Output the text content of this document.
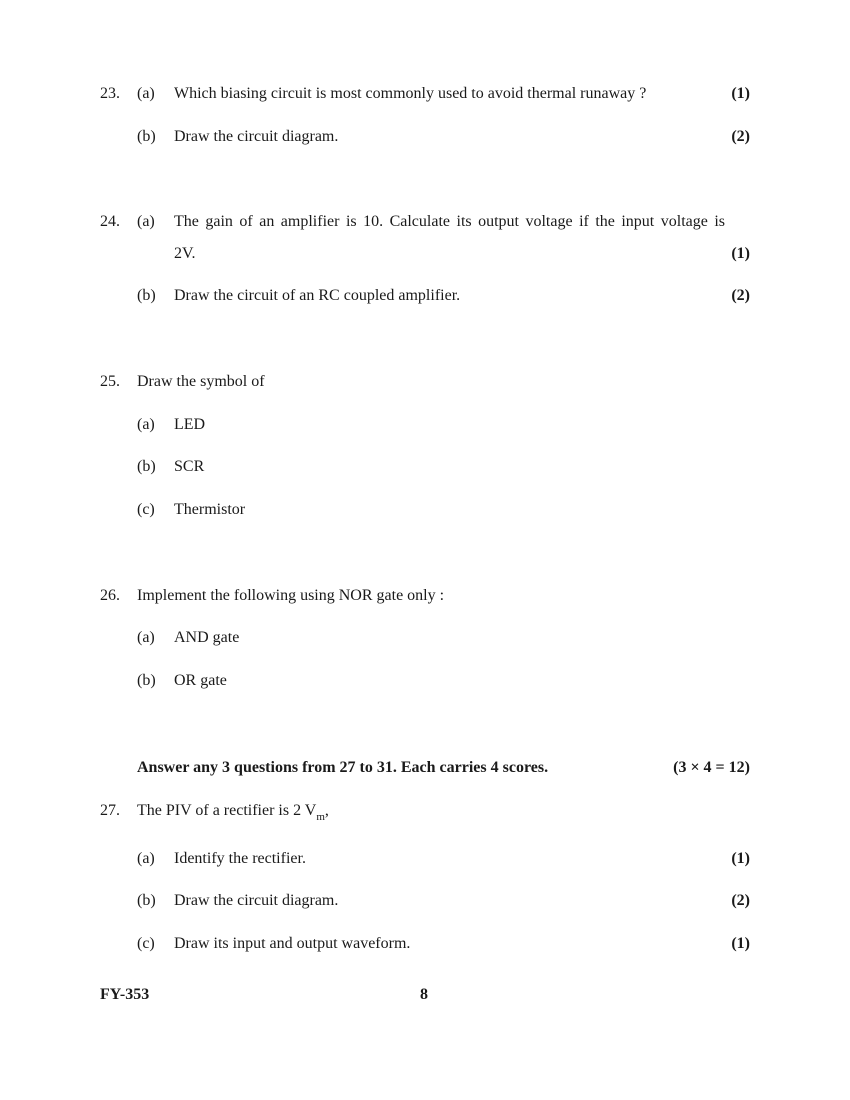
23. (a) Which biasing circuit is most commonly used to avoid thermal runaway ?	(1)
(b) Draw the circuit diagram.	(2)
24. (a) The gain of an amplifier is 10. Calculate its output voltage if the input voltage is
2V.	(1)
(b) Draw the circuit of an RC coupled amplifier.	(2)
25. Draw the symbol of
(a) LED
(b) SCR
(c) Thermistor
26. Implement the following using NOR gate only :
(a) AND gate
(b) OR gate
Answer any 3 questions from 27 to 31. Each carries 4 scores.	(3 × 4 = 12)
27. The PIV of a rectifier is 2 $V_m$,
(a) Identify the rectifier.	(1)
(b) Draw the circuit diagram.	(2)
(c) Draw its input and output waveform.	(1)
FY-353	8
